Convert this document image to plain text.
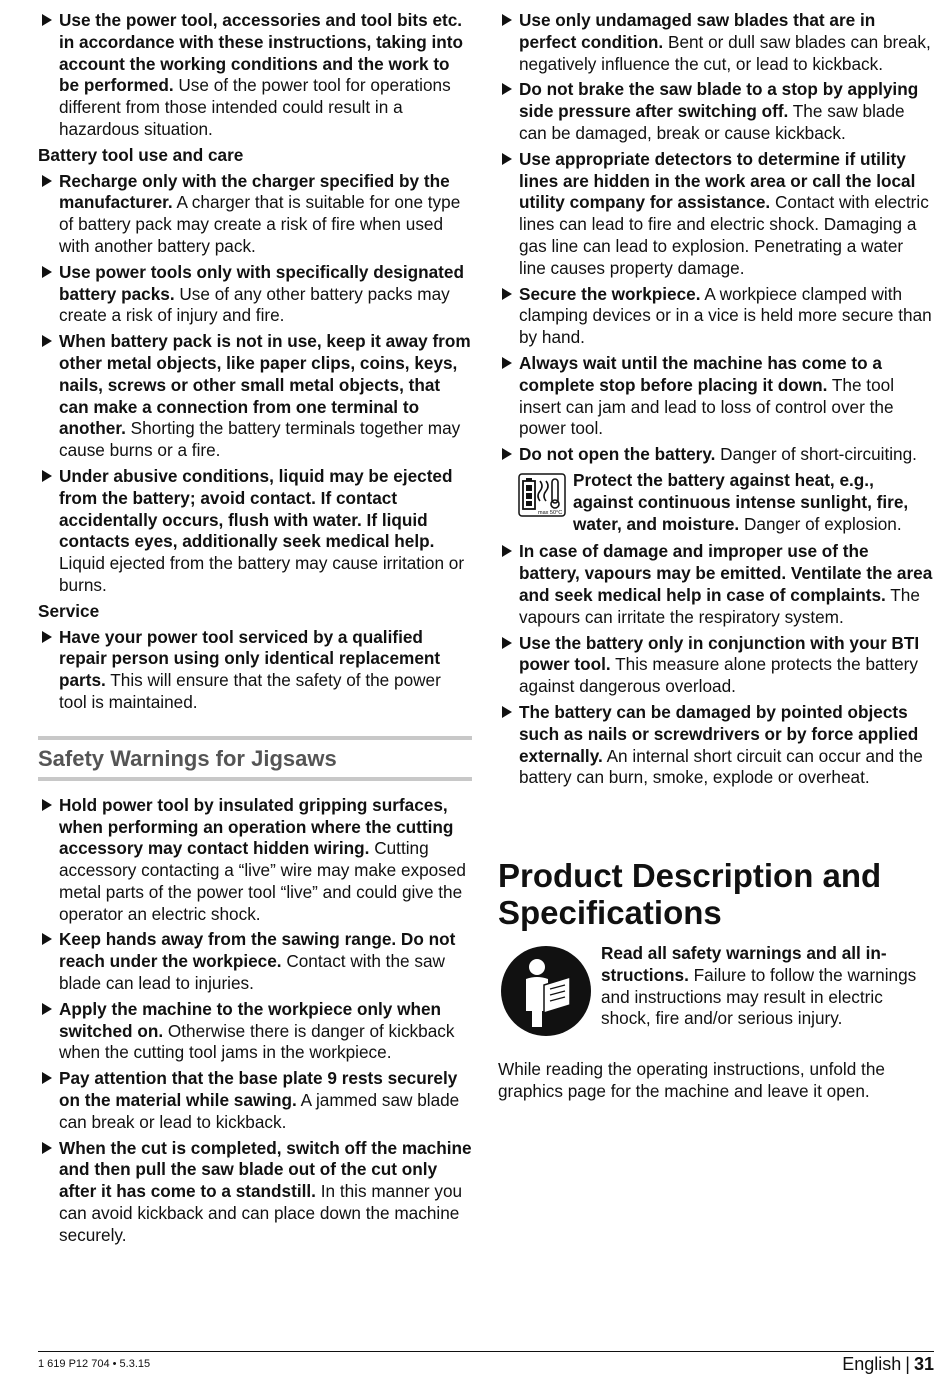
Use the power tool, accessories and tool bits etc. in accordance with these instructions, taking into account the working conditions and the work to be performed. Use of the power tool for operations different from those intended could result in a hazardous situation.
Battery tool use and care
Recharge only with the charger specified by the manufacturer. A charger that is suitable for one type of battery pack may create a risk of fire when used with another battery pack.
Use power tools only with specifically designated battery packs. Use of any other battery packs may create a risk of injury and fire.
When battery pack is not in use, keep it away from other metal objects, like paper clips, coins, keys, nails, screws or other small metal objects, that can make a connection from one terminal to another. Shorting the battery terminals together may cause burns or a fire.
Under abusive conditions, liquid may be ejected from the battery; avoid contact. If contact accidentally occurs, flush with water. If liquid contacts eyes, additionally seek medical help. Liquid ejected from the battery may cause irritation or burns.
Service
Have your power tool serviced by a qualified repair person using only identical replacement parts. This will ensure that the safety of the power tool is maintained.
Safety Warnings for Jigsaws
Hold power tool by insulated gripping surfaces, when performing an operation where the cutting accessory may contact hidden wiring. Cutting accessory contacting a “live” wire may make exposed metal parts of the power tool “live” and could give the operator an electric shock.
Keep hands away from the sawing range. Do not reach under the workpiece. Contact with the saw blade can lead to injuries.
Apply the machine to the workpiece only when switched on. Otherwise there is danger of kickback when the cutting tool jams in the workpiece.
Pay attention that the base plate 9 rests securely on the material while sawing. A jammed saw blade can break or lead to kickback.
When the cut is completed, switch off the machine and then pull the saw blade out of the cut only after it has come to a standstill. In this manner you can avoid kickback and can place down the machine securely.
Use only undamaged saw blades that are in perfect condition. Bent or dull saw blades can break, negatively influence the cut, or lead to kickback.
Do not brake the saw blade to a stop by applying side pressure after switching off. The saw blade can be damaged, break or cause kickback.
Use appropriate detectors to determine if utility lines are hidden in the work area or call the local utility company for assistance. Contact with electric lines can lead to fire and electric shock. Damaging a gas line can lead to explosion. Penetrating a water line causes property damage.
Secure the workpiece. A workpiece clamped with clamping devices or in a vice is held more secure than by hand.
Always wait until the machine has come to a complete stop before placing it down. The tool insert can jam and lead to loss of control over the power tool.
Do not open the battery. Danger of short-circuiting.
max 50°C
Protect the battery against heat, e.g., against continuous intense sunlight, fire, water, and moisture. Danger of explosion.
In case of damage and improper use of the battery, vapours may be emitted. Ventilate the area and seek medical help in case of complaints. The vapours can irritate the respiratory system.
Use the battery only in conjunction with your BTI power tool. This measure alone protects the battery against dangerous overload.
The battery can be damaged by pointed objects such as nails or screwdrivers or by force applied externally. An internal short circuit can occur and the battery can burn, smoke, explode or overheat.
Product Description and Specifications
Read all safety warnings and all instructions. Failure to follow the warnings and instructions may result in electric shock, fire and/or serious injury.
While reading the operating instructions, unfold the graphics page for the machine and leave it open.
1 619 P12 704 • 5.3.15	English | 31
